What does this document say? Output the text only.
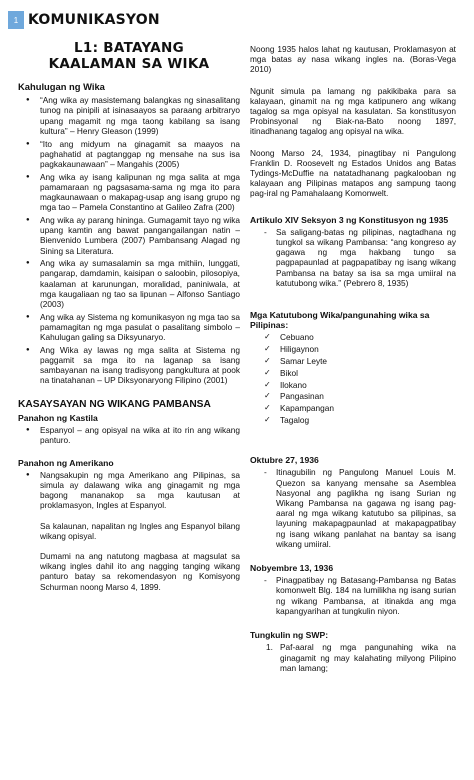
1 KOMUNIKASYON
L1: BATAYANG
KAALAMAN SA WIKA
Kahulugan ng Wika
● “Ang wika ay masistemang balangkas ng sinasalitang tunog na pinipili at isinasaayos sa paraang arbitraryo upang magamit ng mga taong kabilang sa isang kultura” – Henry Gleason (1999)
● “Ito ang midyum na ginagamit sa maayos na paghahatid at pagtanggap ng mensahe na sus isa pagkakaunawaan” – Mangahis (2005)
● Ang wika ay isang kalipunan ng mga salita at mga pamamaraan ng pagsasama-sama ng mga ito para magkaunawaan o makapag-usap ang isang grupo ng mga tao – Pamela Constantino at Galileo Zafra (200)
● Ang wika ay parang hininga. Gumagamit tayo ng wika upang kamtin ang bawat pangangailangan natin – Bienvenido Lumbera (2007) Pambansang Alagad ng Sining sa Literatura.
● Ang wika ay sumasalamin sa mga mithiin, lunggati, pangarap, damdamin, kaisipan o saloobin, pilosopiya, kaalaman at karunungan, moralidad, paniniwala, at mga kaugaliaan ng tao sa lipunan – Alfonso Santiago (2003)
● Ang wika ay Sistema ng komunikasyon ng mga tao sa pamamagitan ng mga pasulat o pasalitang simbolo – Kahulugan galing sa Diksyunaryo.
● Ang Wika ay lawas ng mga salita at Sistema ng paggamit sa mga ito na laganap sa isang sambayanan na isang tradisyong pangkultura at pook na tinatahanan – UP Diksyonaryong Filipino (2001)
KASAYSAYAN NG WIKANG PAMBANSA
Panahon ng Kastila
● Espanyol – ang opisyal na wika at ito rin ang wikang panturo.
Panahon ng Amerikano
● Nangsakupin ng mga Amerikano ang Pilipinas, sa simula ay dalawang wika ang ginagamit ng mga bagong mananakop sa mga kautusan at proklamasyon, Ingles at Espanyol.
Sa kalaunan, napalitan ng Ingles ang Espanyol bilang wikang opisyal.
Dumami na ang natutong magbasa at magsulat sa wikang ingles dahil ito ang nagging tanging wikang panturo batay sa rekomendasyon ng Komisyong Schurman noong Marso 4, 1899.

Noong 1935 halos lahat ng kautusan, Proklamasyon at mga batas ay nasa wikang ingles na. (Boras-Vega 2010)

Ngunit simula pa lamang ng pakikibaka para sa kalayaan, ginamit na ng mga katipunero ang wikang tagalog sa mga opisyal na kasulatan. Sa konstitusyon Probinsyonal ng Biak-na-Bato noong 1897, itinadhanang tagalog ang opisyal na wika.

Noong Marso 24, 1934, pinagtibay ni Pangulong Franklin D. Roosevelt ng Estados Unidos ang Batas Tydings-McDuffie na natatadhanang pagkalooban ng kalayaan ang Pilipinas matapos ang sampung taong pag-iral ng Pamahalaang Komonwelt.

Artikulo XIV Seksyon 3 ng Konstitusyon ng 1935
- Sa saligang-batas ng pilipinas, nagtadhana ng tungkol sa wikang Pambansa: “ang kongreso ay gagawa ng mga hakbang tungo sa pagpapaunlad at pagpapatibay ng isang wikang Pambansa na batay sa isa sa mga umiiral na katutubong wika.” (Pebrero 8, 1935)
Mga Katutubong Wika/pangunahing wika sa Pilipinas:
✓ Cebuano
✓ Hiligaynon
✓ Samar Leyte
✓ Bikol
✓ Ilokano
✓ Pangasinan
✓ Kapampangan
✓ Tagalog
Oktubre 27, 1936
- Itinagubilin ng Pangulong Manuel Louis M. Quezon sa kanyang mensahe sa Asemblea Nasyonal ang paglikha ng isang Surian ng Wikang Pambansa na gagawa ng isang pag-aaral ng mga wikang katutubo sa pilipinas, sa layuning makapagpaunlad at makapagpatibay ng isang wikang panlahat na bantay sa isang wikang umiiral.
Nobyembre 13, 1936
- Pinagpatibay ng Batasang-Pambansa ng Batas komonwelt Blg. 184 na lumilikha ng isang surian ng wikang Pambansa, at itinakda ang mga kapangyarihan at tungkulin niyon.
Tungkulin ng SWP:
1. Paf-aaral ng mga pangunahing wika na ginagamit ng may kalahating milyong Pilipino man lamang;
